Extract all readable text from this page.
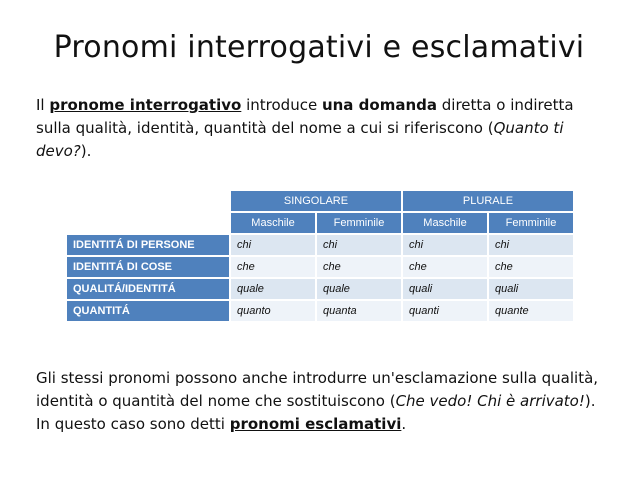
Pronomi interrogativi e esclamativi
Il pronome interrogativo introduce una domanda diretta o indiretta sulla qualità, identità, quantità del nome a cui si riferiscono (Quanto ti devo?).
	SINGOLARE		PLURALE	
	Maschile	Femminile	Maschile	Femminile
IDENTITÁ DI PERSONE	chi	chi	chi	chi
IDENTITÁ DI COSE	che	che	che	che
QUALITÁ/IDENTITÁ	quale	quale	quali	quali
QUANTITÁ	quanto	quanta	quanti	quante
Gli stessi pronomi possono anche introdurre un'esclamazione sulla qualità, identità o quantità del nome che sostituiscono (Che vedo! Chi è arrivato!). In questo caso sono detti pronomi esclamativi.
